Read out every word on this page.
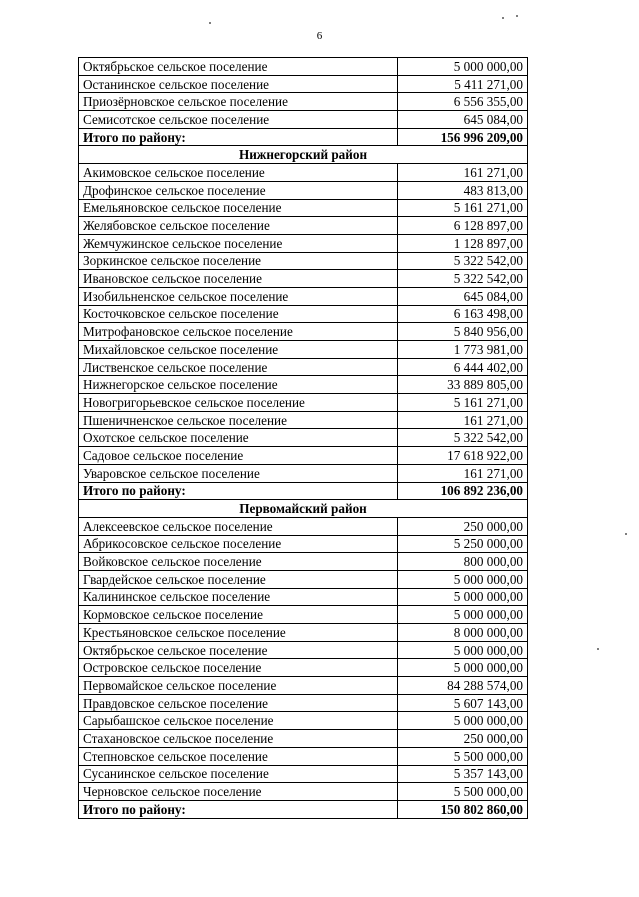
6
Октябрьское сельское поселение	5 000 000,00
Останинское сельское поселение	5 411 271,00
Приозёрновское сельское поселение	6 556 355,00
Семисотское сельское поселение	645 084,00
Итого по району:	156 996 209,00
Нижнегорский район	
Акимовское сельское поселение	161 271,00
Дрофинское сельское поселение	483 813,00
Емельяновское сельское поселение	5 161 271,00
Желябовское сельское поселение	6 128 897,00
Жемчужинское сельское поселение	1 128 897,00
Зоркинское сельское поселение	5 322 542,00
Ивановское сельское поселение	5 322 542,00
Изобильненское сельское поселение	645 084,00
Косточковское сельское поселение	6 163 498,00
Митрофановское сельское поселение	5 840 956,00
Михайловское сельское поселение	1 773 981,00
Лиственское сельское поселение	6 444 402,00
Нижнегорское сельское поселение	33 889 805,00
Новогригорьевское сельское поселение	5 161 271,00
Пшеничненское сельское поселение	161 271,00
Охотское сельское поселение	5 322 542,00
Садовое сельское поселение	17 618 922,00
Уваровское сельское поселение	161 271,00
Итого по району:	106 892 236,00
Первомайский район	
Алексеевское сельское поселение	250 000,00
Абрикосовское сельское поселение	5 250 000,00
Войковское сельское поселение	800 000,00
Гвардейское сельское поселение	5 000 000,00
Калининское сельское поселение	5 000 000,00
Кормовское сельское поселение	5 000 000,00
Крестьяновское сельское поселение	8 000 000,00
Октябрьское сельское поселение	5 000 000,00
Островское сельское поселение	5 000 000,00
Первомайское сельское поселение	84 288 574,00
Правдовское сельское поселение	5 607 143,00
Сарыбашское сельское поселение	5 000 000,00
Стахановское сельское поселение	250 000,00
Степновское сельское поселение	5 500 000,00
Сусанинское сельское поселение	5 357 143,00
Черновское сельское поселение	5 500 000,00
Итого по району:	150 802 860,00
